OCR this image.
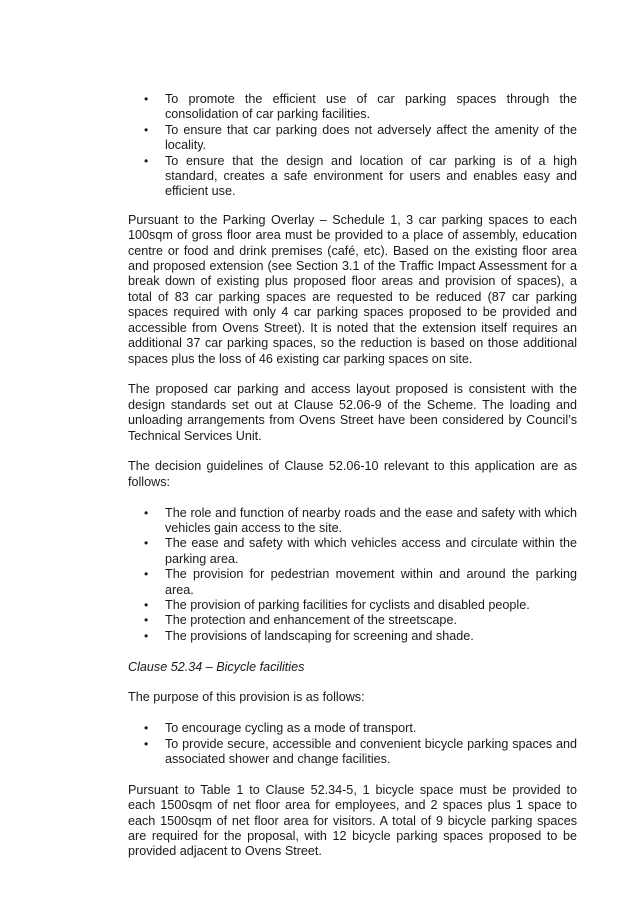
• To promote the efficient use of car parking spaces through the consolidation of car parking facilities.
• To ensure that car parking does not adversely affect the amenity of the locality.
• To ensure that the design and location of car parking is of a high standard, creates a safe environment for users and enables easy and efficient use.

Pursuant to the Parking Overlay – Schedule 1, 3 car parking spaces to each 100sqm of gross floor area must be provided to a place of assembly, education centre or food and drink premises (café, etc). Based on the existing floor area and proposed extension (see Section 3.1 of the Traffic Impact Assessment for a break down of existing plus proposed floor areas and provision of spaces), a total of 83 car parking spaces are requested to be reduced (87 car parking spaces required with only 4 car parking spaces proposed to be provided and accessible from Ovens Street). It is noted that the extension itself requires an additional 37 car parking spaces, so the reduction is based on those additional spaces plus the loss of 46 existing car parking spaces on site.

The proposed car parking and access layout proposed is consistent with the design standards set out at Clause 52.06-9 of the Scheme. The loading and unloading arrangements from Ovens Street have been considered by Council’s Technical Services Unit.

The decision guidelines of Clause 52.06-10 relevant to this application are as follows:

• The role and function of nearby roads and the ease and safety with which vehicles gain access to the site.
• The ease and safety with which vehicles access and circulate within the parking area.
• The provision for pedestrian movement within and around the parking area.
• The provision of parking facilities for cyclists and disabled people.
• The protection and enhancement of the streetscape.
• The provisions of landscaping for screening and shade.

Clause 52.34 – Bicycle facilities

The purpose of this provision is as follows:

• To encourage cycling as a mode of transport.
• To provide secure, accessible and convenient bicycle parking spaces and associated shower and change facilities.

Pursuant to Table 1 to Clause 52.34-5, 1 bicycle space must be provided to each 1500sqm of net floor area for employees, and 2 spaces plus 1 space to each 1500sqm of net floor area for visitors. A total of 9 bicycle parking spaces are required for the proposal, with 12 bicycle parking spaces proposed to be provided adjacent to Ovens Street.
